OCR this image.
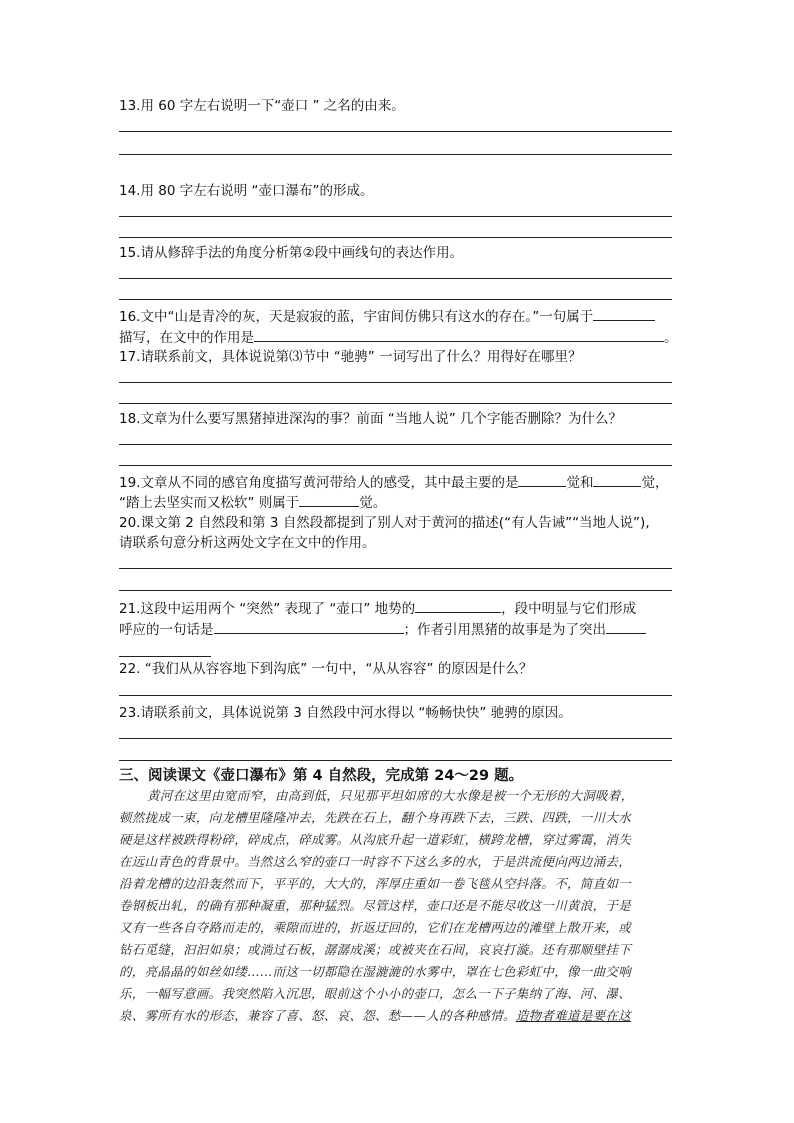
13.用 60 字左右说明一下“壶口 ” 之名的由来。
14.用 80 字左右说明 “壶口瀑布”的形成。
15.请从修辞手法的角度分析第②段中画线句的表达作用。
16.文中“山是青冷的灰，天是寂寂的蓝，宇宙间仿佛只有这水的存在。”一句属于
描写，在文中的作用是	。
17.请联系前文，具体说说第⑶节中 “驰骋” 一词写出了什么？用得好在哪里？
18.文章为什么要写黑猪掉进深沟的事？前面 “当地人说” 几个字能否删除？为什么？
19.文章从不同的感官角度描写黄河带给人的感受，其中最主要的是	觉和	觉，
“踏上去坚实而又松软” 则属于	觉。
20.课文第 2 自然段和第 3 自然段都提到了别人对于黄河的描述(“有人告诫”“当地人说”),
请联系句意分析这两处文字在文中的作用。
21.这段中运用两个 “突然” 表现了 “壶口” 地势的	，段中明显与它们形成
呼应的一句话是	；作者引用黑猪的故事是为了突出
22. “我们从从容容地下到沟底” 一句中，“从从容容” 的原因是什么？
23.请联系前文，具体说说第 3 自然段中河水得以 “畅畅快快” 驰骋的原因。
三、阅读课文《壶口瀑布》第 4 自然段，完成第 24～29 题。
黄河在这里由宽而窄，由高到低，只见那平坦如席的大水像是被一个无形的大洞吸着，
顿然拢成一束，向龙槽里隆隆冲去，先跌在石上，翻个身再跌下去，三跌、四跌，一川大水
硬是这样被跌得粉碎，碎成点，碎成雾。从沟底升起一道彩虹，横跨龙槽，穿过雾霭，消失
在远山青色的背景中。当然这么窄的壶口一时容不下这么多的水，于是洪流便向两边涌去，
沿着龙槽的边沿轰然而下，平平的，大大的，浑厚庄重如一卷飞毯从空抖落。不，简直如一
卷钢板出轧，的确有那种凝重，那种猛烈。尽管这样，壶口还是不能尽收这一川黄浪，于是
又有一些各自夺路而走的，乘隙而进的，折返迂回的，它们在龙槽两边的滩壁上散开来，或
钻石觅缝，汩汩如泉；或淌过石板，潺潺成溪；或被夹在石间，哀哀打漩。还有那顺壁挂下
的，亮晶晶的如丝如缕……而这一切都隐在湿漉漉的水雾中，罩在七色彩虹中，像一曲交响
乐，一幅写意画。我突然陷入沉思，眼前这个小小的壶口，怎么一下子集纳了海、河、瀑、
泉、雾所有水的形态，兼容了喜、怒、哀、怨、愁——人的各种感情。造物者难道是要在这
